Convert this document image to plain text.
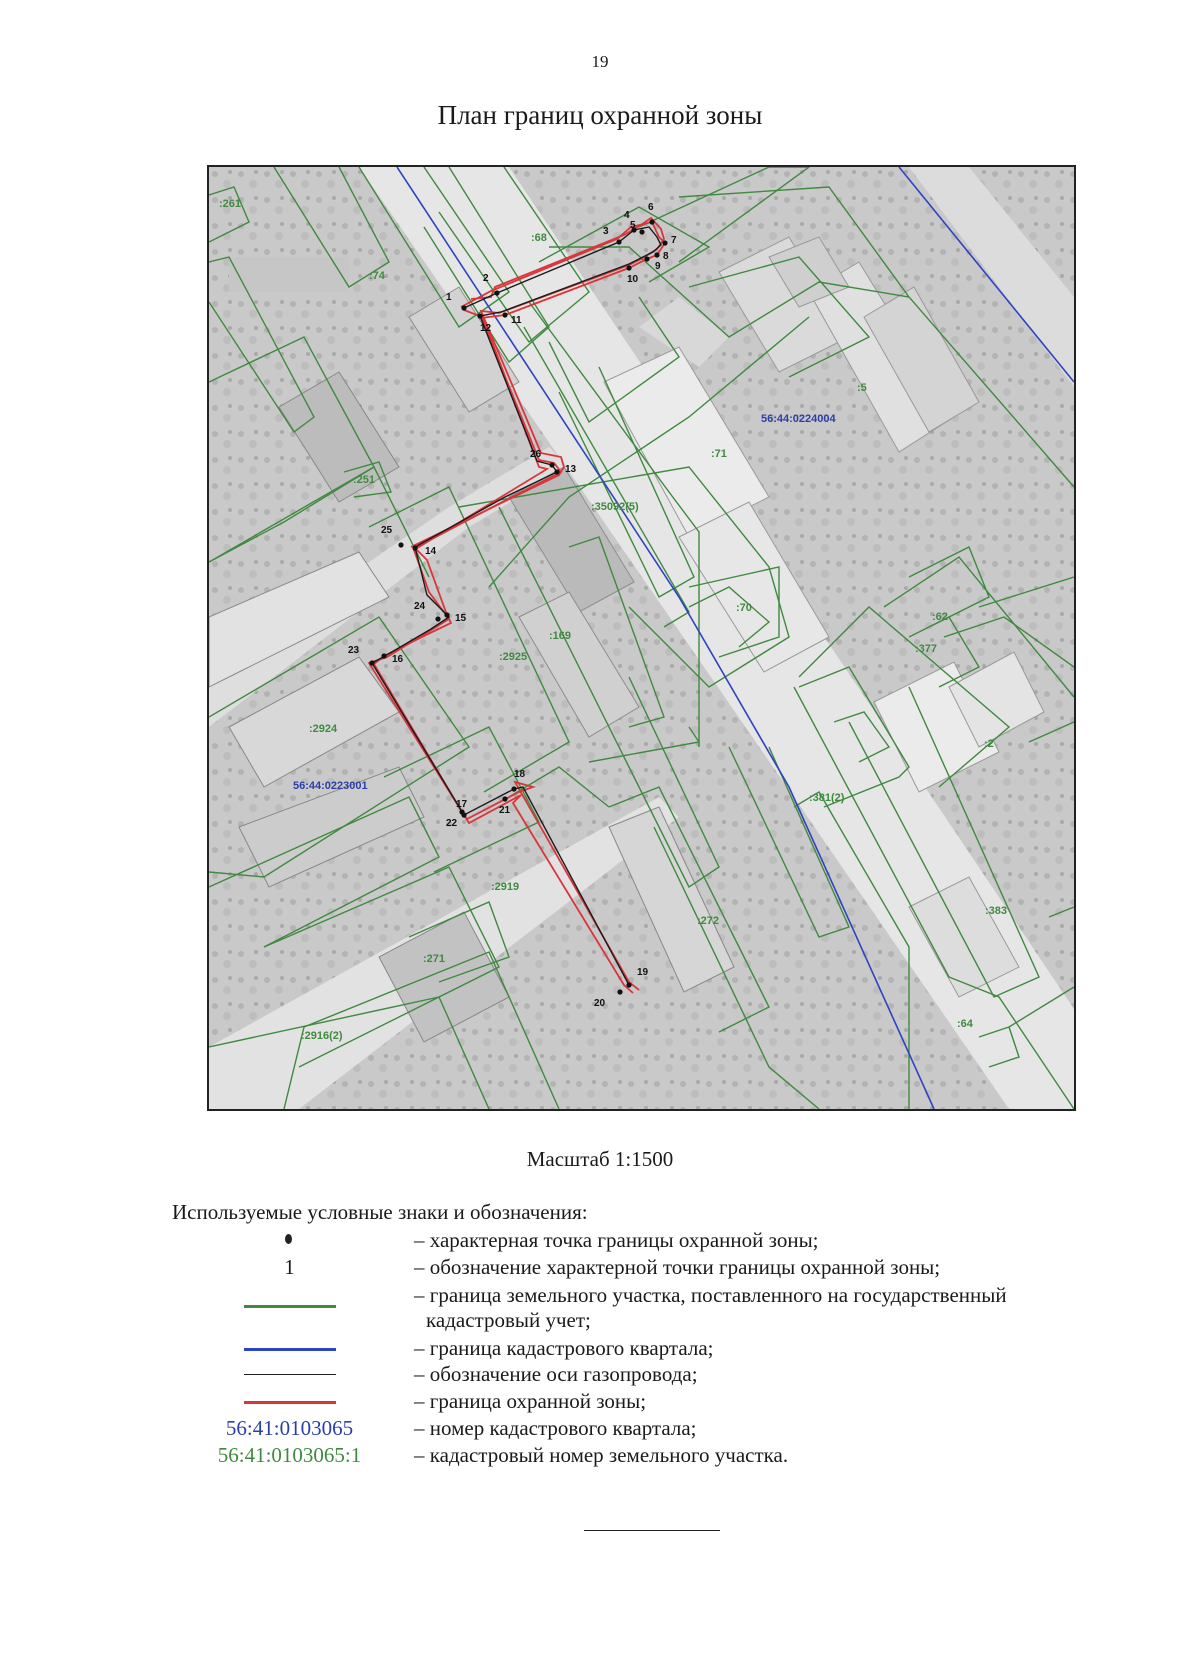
19
План границ охранной зоны
1
2
3
4
5
6
7
8
9
10
11
12
13
14
15
16
17
18
19
20
21
22
23
24
25
26
:261
:68
:74
:5
:71
:251
:35092(5)
:70
:62
:377
:169
:2925
:2924
:2
:381(2)
:2919
:272
:383
:271
:64
:2916(2)
56:44:0224004
56:44:0223001
Масштаб 1:1500
Используемые условные знаки и обозначения:
– характерная точка границы охранной зоны;
1	– обозначение характерной точки границы охранной зоны;
– граница земельного участка, поставленного на государственный
кадастровый учет;
– граница кадастрового квартала;
– обозначение оси газопровода;
– граница охранной зоны;
56:41:0103065	– номер кадастрового квартала;
56:41:0103065:1	– кадастровый номер земельного участка.
